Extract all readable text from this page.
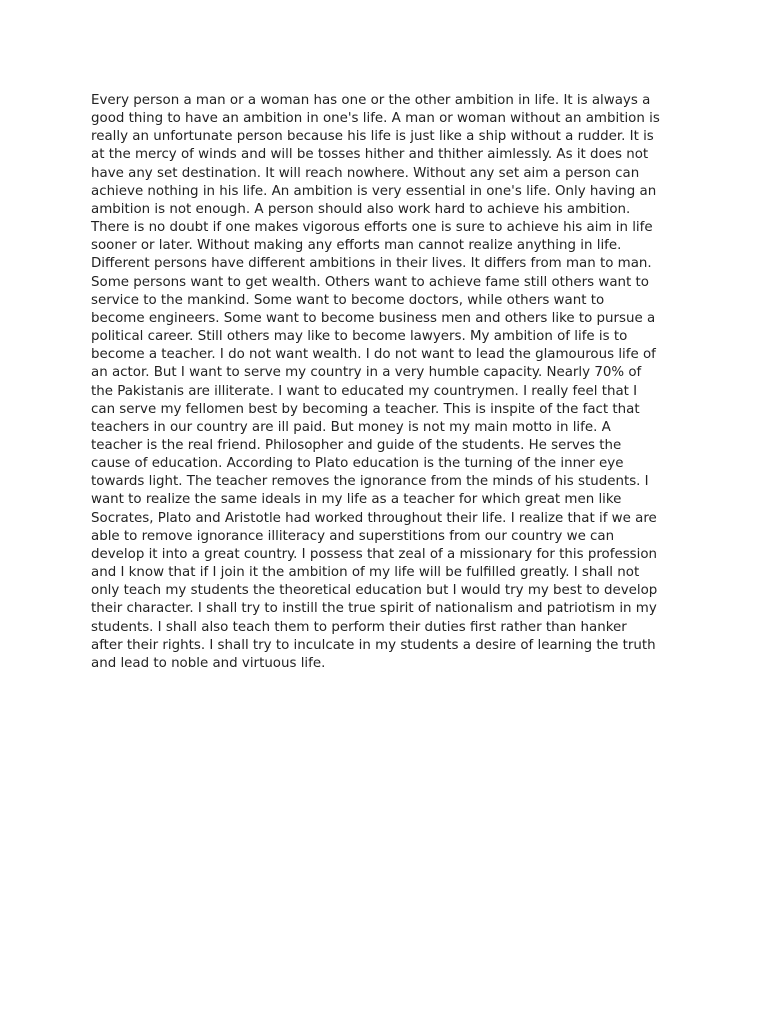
Every person a man or a woman has one or the other ambition in life. It is always a
good thing to have an ambition in one's life. A man or woman without an ambition is
really an unfortunate person because his life is just like a ship without a rudder. It is
at the mercy of winds and will be tosses hither and thither aimlessly. As it does not
have any set destination. It will reach nowhere. Without any set aim a person can
achieve nothing in his life. An ambition is very essential in one's life. Only having an
ambition is not enough. A person should also work hard to achieve his ambition.
There is no doubt if one makes vigorous efforts one is sure to achieve his aim in life
sooner or later. Without making any efforts man cannot realize anything in life.
Different persons have different ambitions in their lives. It differs from man to man.
Some persons want to get wealth. Others want to achieve fame still others want to
service to the mankind. Some want to become doctors, while others want to
become engineers. Some want to become business men and others like to pursue a
political career. Still others may like to become lawyers. My ambition of life is to
become a teacher. I do not want wealth. I do not want to lead the glamourous life of
an actor. But I want to serve my country in a very humble capacity. Nearly 70% of
the Pakistanis are illiterate. I want to educated my countrymen. I really feel that I
can serve my fellomen best by becoming a teacher. This is inspite of the fact that
teachers in our country are ill paid. But money is not my main motto in life. A
teacher is the real friend. Philosopher and guide of the students. He serves the
cause of education. According to Plato education is the turning of the inner eye
towards light. The teacher removes the ignorance from the minds of his students. I
want to realize the same ideals in my life as a teacher for which great men like
Socrates, Plato and Aristotle had worked throughout their life. I realize that if we are
able to remove ignorance illiteracy and superstitions from our country we can
develop it into a great country. I possess that zeal of a missionary for this profession
and I know that if I join it the ambition of my life will be fulfilled greatly. I shall not
only teach my students the theoretical education but I would try my best to develop
their character. I shall try to instill the true spirit of nationalism and patriotism in my
students. I shall also teach them to perform their duties first rather than hanker
after their rights. I shall try to inculcate in my students a desire of learning the truth
and lead to noble and virtuous life.
